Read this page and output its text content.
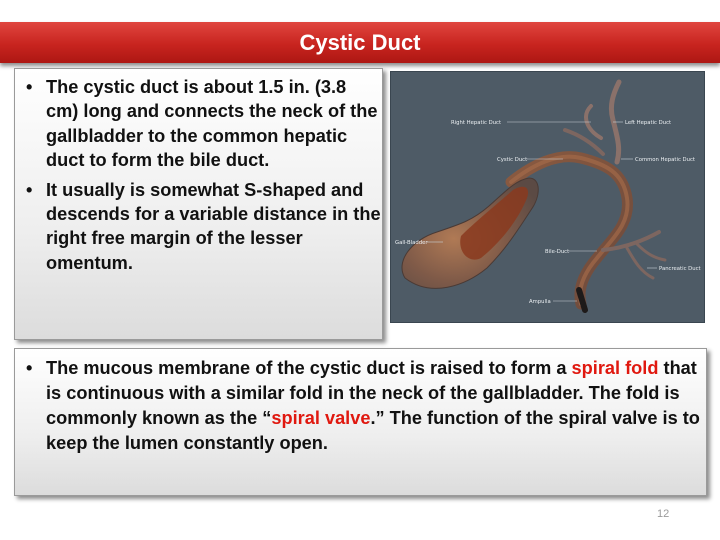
Cystic Duct
• The cystic duct is about 1.5 in. (3.8 cm) long and connects the neck of the gallbladder to the common hepatic duct to form the bile duct.
• It usually is somewhat S-shaped and descends for a variable distance in the right free margin of the lesser omentum.
Right Hepatic Duct	Left Hepatic Duct
Cystic Duct	Common Hepatic Duct
Gall-Bladder
Bile-Duct
Pancreatic Duct
Ampulla
• The mucous membrane of the cystic duct is raised to form a spiral fold that is continuous with a similar fold in the neck of the gallbladder. The fold is commonly known as the “spiral valve.” The function of the spiral valve is to keep the lumen constantly open.
12
